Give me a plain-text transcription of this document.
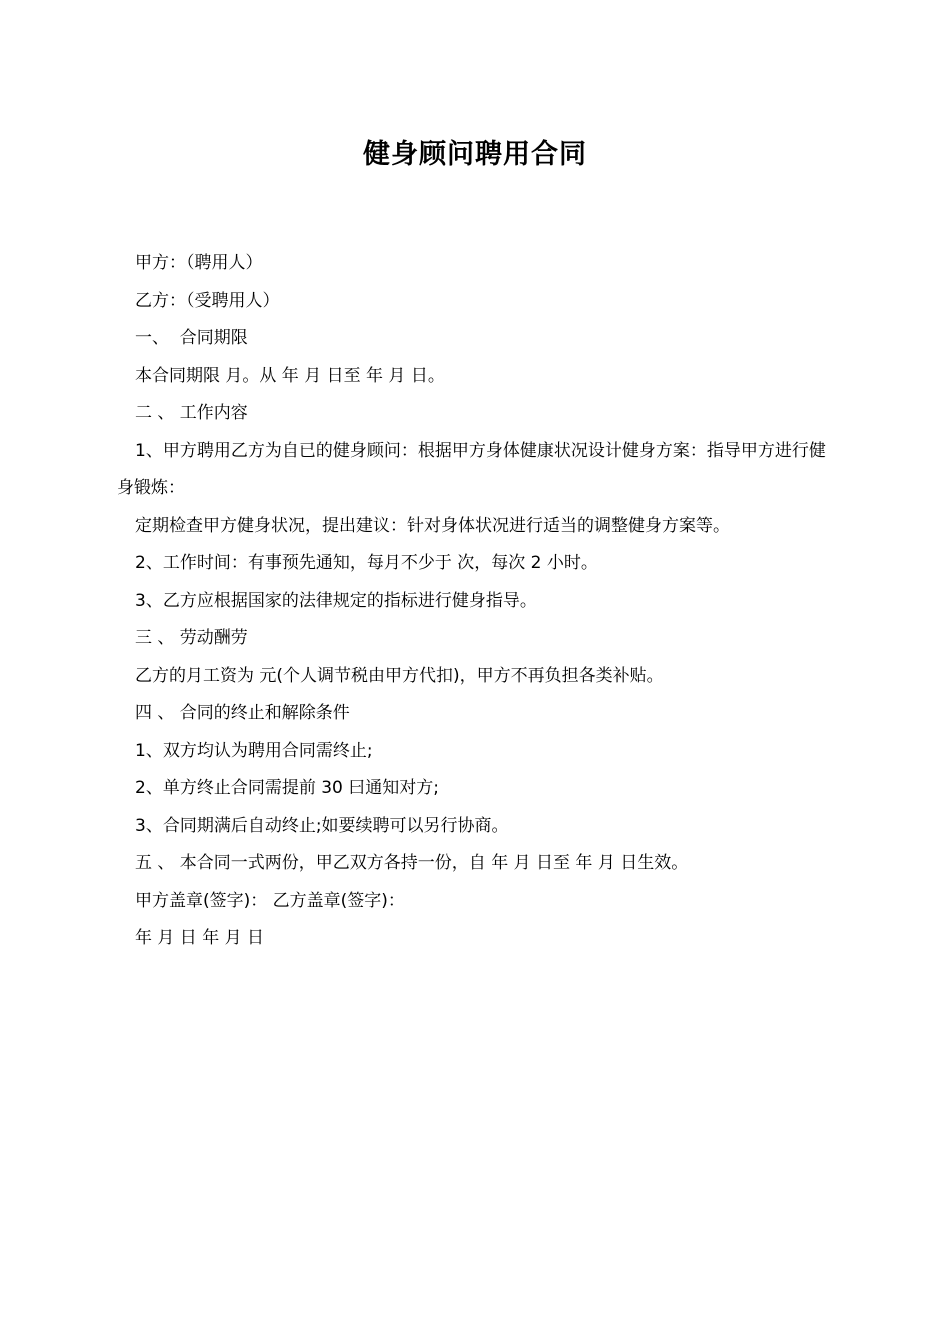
健身顾问聘用合同

甲方：（聘用人）

乙方：（受聘用人）

一、  合同期限

本合同期限 月。从 年 月 日至 年 月 日。

二 、 工作内容

1、甲方聘用乙方为自已的健身顾问：根据甲方身体健康状况设计健身方案：指导甲方进行健身锻炼：

定期检查甲方健身状况，提出建议：针对身体状况进行适当的调整健身方案等。

2、工作时间：有事预先通知，每月不少于 次，每次 2 小时。

3、乙方应根据国家的法律规定的指标进行健身指导。

三 、 劳动酬劳

乙方的月工资为 元(个人调节税由甲方代扣)，甲方不再负担各类补贴。

四 、 合同的终止和解除条件

1、双方均认为聘用合同需终止;

2、单方终止合同需提前 30 曰通知对方;

3、合同期满后自动终止;如要续聘可以另行协商。

五 、 本合同一式两份，甲乙双方各持一份，自 年 月 日至 年 月 日生效。

甲方盖章(签字)： 乙方盖章(签字)：

年 月 日 年 月 日
